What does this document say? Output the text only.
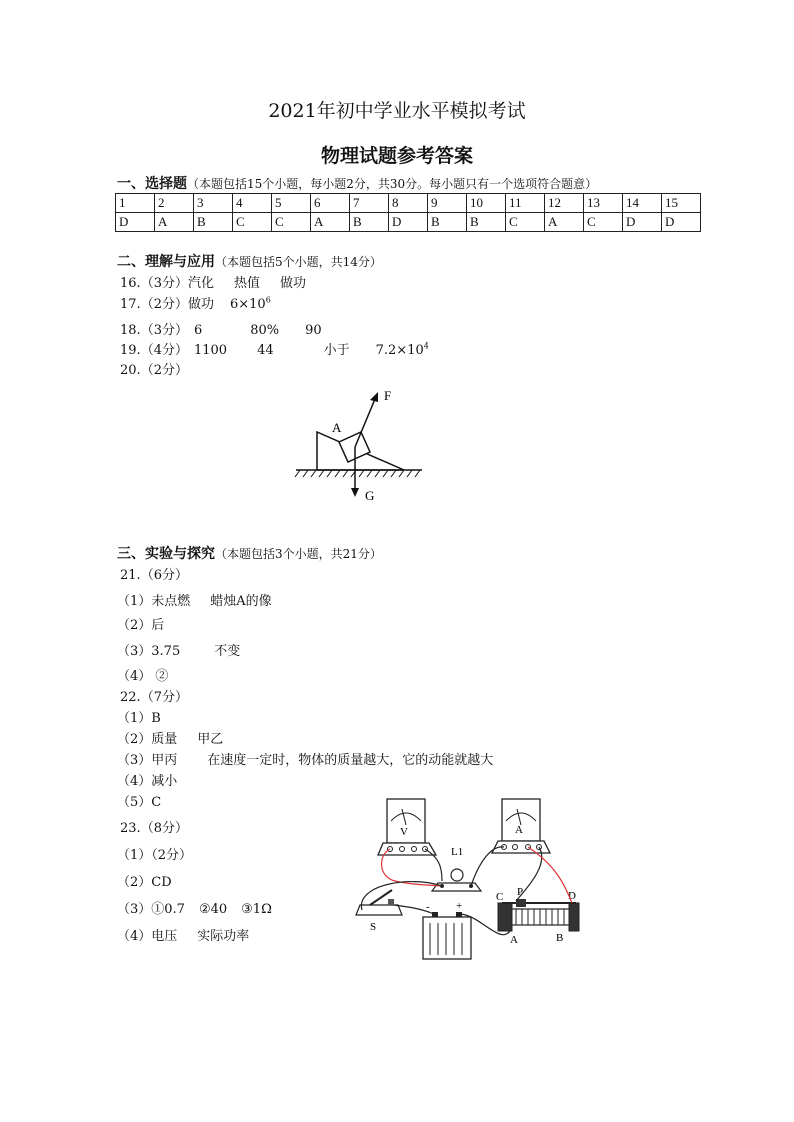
2021年初中学业水平模拟考试
物理试题参考答案
一、选择题（本题包括15个小题，每小题2分，共30分。每小题只有一个选项符合题意）
1	2	3	4	5	6	7	8	9	10	11	12	13	14	15
D	A	B	C	C	A	B	D	B	B	C	A	C	D	D
二、理解与应用（本题包括5个小题，共14分）
16.（3分）汽化 热值 做功
17.（2分）做功 $6\times 10^6$
18.（3分） 6	80% 90
19.（4分） 1100 44	小于 $7.2\times 10^4$
20.（2分）
F
A
G
三、实验与探究（本题包括3个小题，共21分）
21.（6分）
（1）未点燃 蜡烛A的像
（2）后
（3）3.75	不变
（4） ②
22.（7分）
（1）B
（2）质量 甲乙
（3）甲丙 在速度一定时，物体的质量越大，它的动能就越大
（4）减小
（5）C
23.（8分）
（1）（2分）
（2）CD
（3）①0.7 ②40 ③1Ω
（4）电压 实际功率
V	A
L1
S
- +
C P	D
A	B
